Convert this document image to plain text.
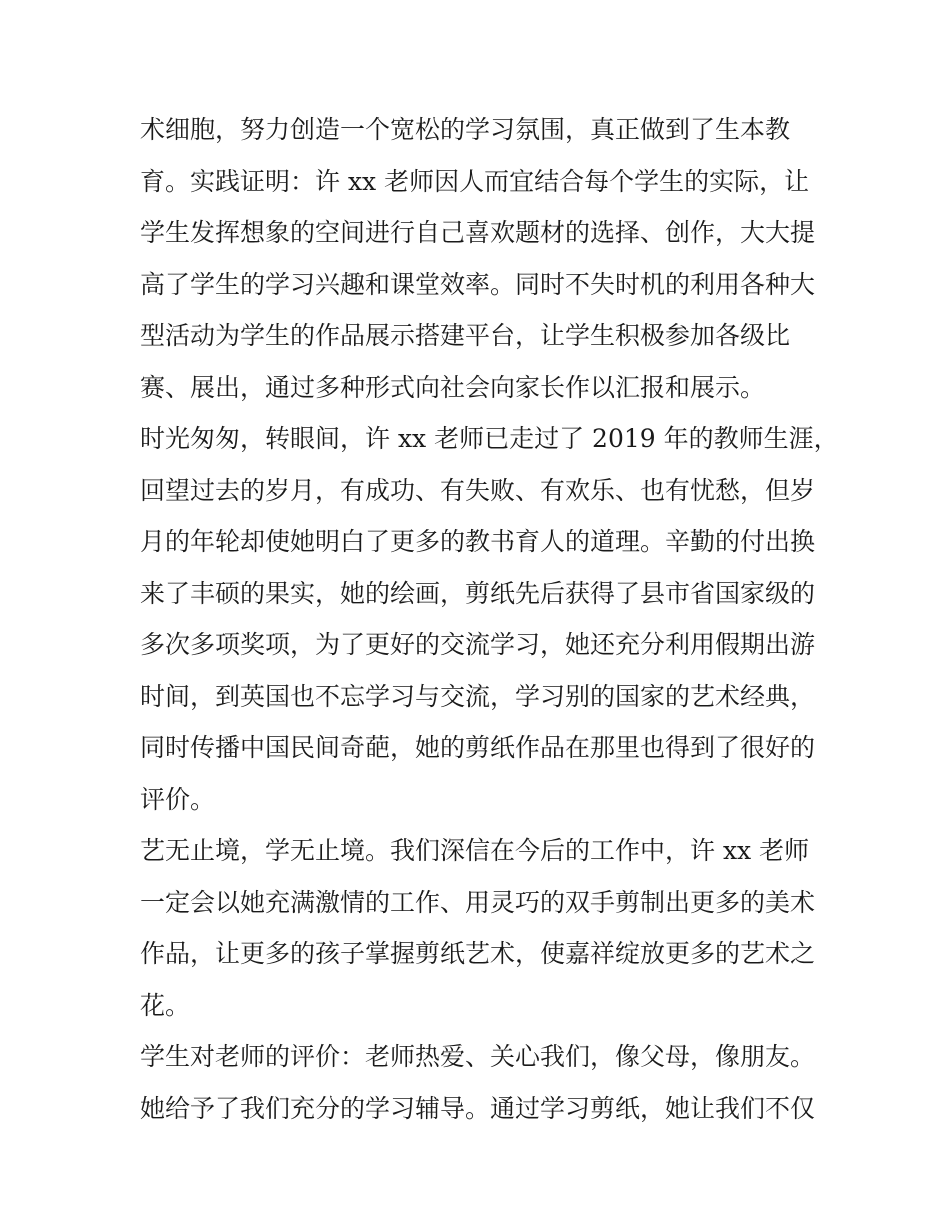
术细胞，努力创造一个宽松的学习氛围，真正做到了生本教

育。实践证明：许 xx 老师因人而宜结合每个学生的实际，让

学生发挥想象的空间进行自己喜欢题材的选择、创作，大大提

高了学生的学习兴趣和课堂效率。同时不失时机的利用各种大

型活动为学生的作品展示搭建平台，让学生积极参加各级比

赛、展出，通过多种形式向社会向家长作以汇报和展示。

时光匆匆，转眼间，许 xx 老师已走过了 2019 年的教师生涯，

回望过去的岁月，有成功、有失败、有欢乐、也有忧愁，但岁

月的年轮却使她明白了更多的教书育人的道理。辛勤的付出换

来了丰硕的果实，她的绘画，剪纸先后获得了县市省国家级的

多次多项奖项，为了更好的交流学习，她还充分利用假期出游

时间，到英国也不忘学习与交流，学习别的国家的艺术经典，

同时传播中国民间奇葩，她的剪纸作品在那里也得到了很好的

评价。

艺无止境，学无止境。我们深信在今后的工作中，许 xx 老师

一定会以她充满激情的工作、用灵巧的双手剪制出更多的美术

作品，让更多的孩子掌握剪纸艺术，使嘉祥绽放更多的艺术之

花。

学生对老师的评价：老师热爱、关心我们，像父母，像朋友。

她给予了我们充分的学习辅导。通过学习剪纸，她让我们不仅
